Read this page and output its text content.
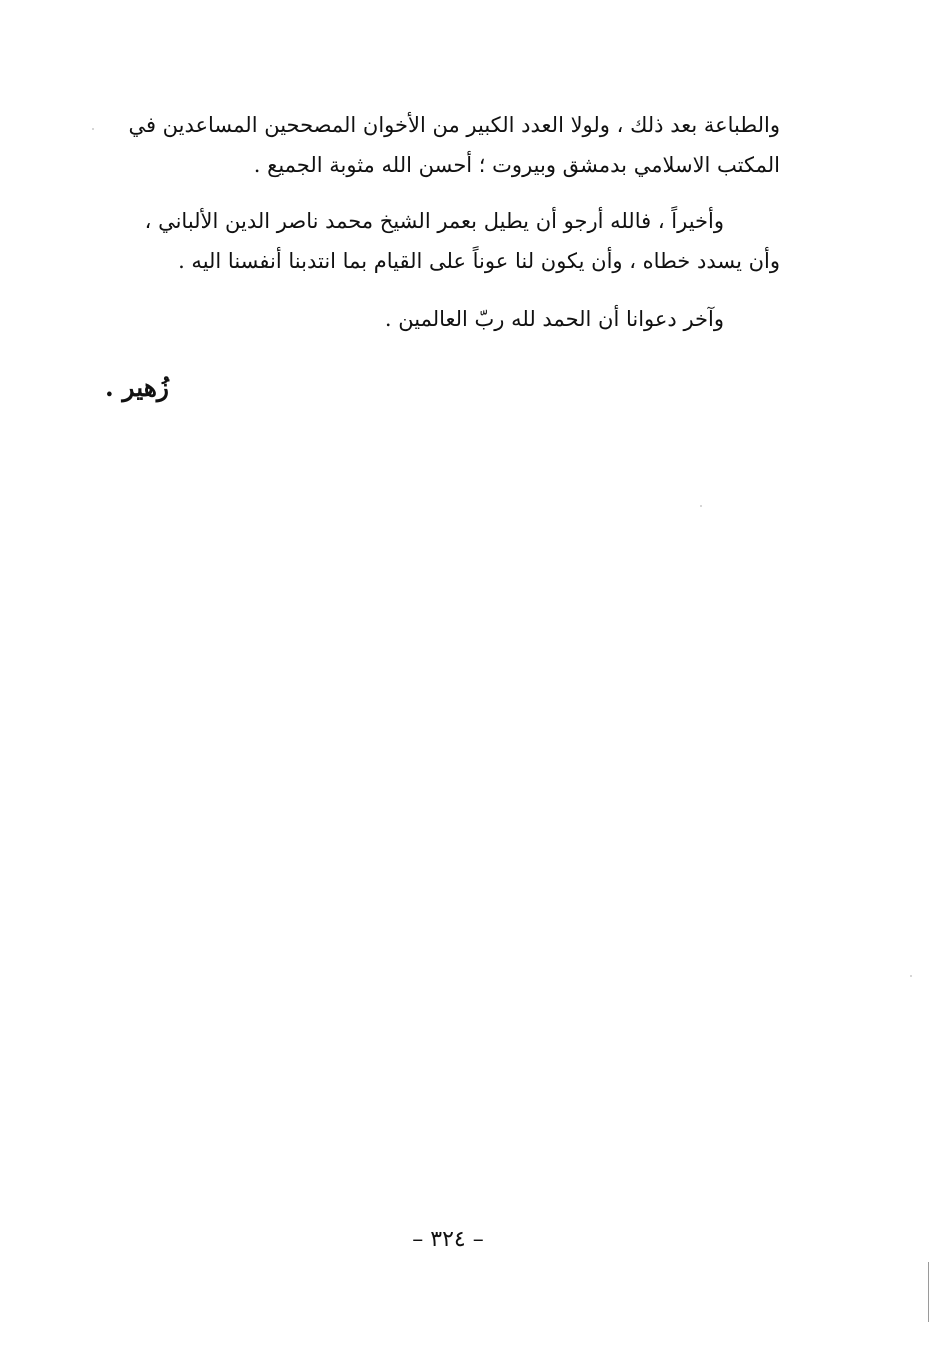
والطباعة بعد ذلك ، ولولا العدد الكبير من الأخوان المصححين المساعدين في
المكتب الاسلامي بدمشق وبيروت ؛ أحسن الله مثوبة الجميع .
وأخيراً ، فالله أرجو أن يطيل بعمر الشيخ محمد ناصر الدين الألباني ،
وأن يسدد خطاه ، وأن يكون لنا عوناً على القيام بما انتدبنا أنفسنا اليه .
وآخر دعوانا أن الحمد لله ربّ العالمين .
زُهير .
– ٣٢٤ –
